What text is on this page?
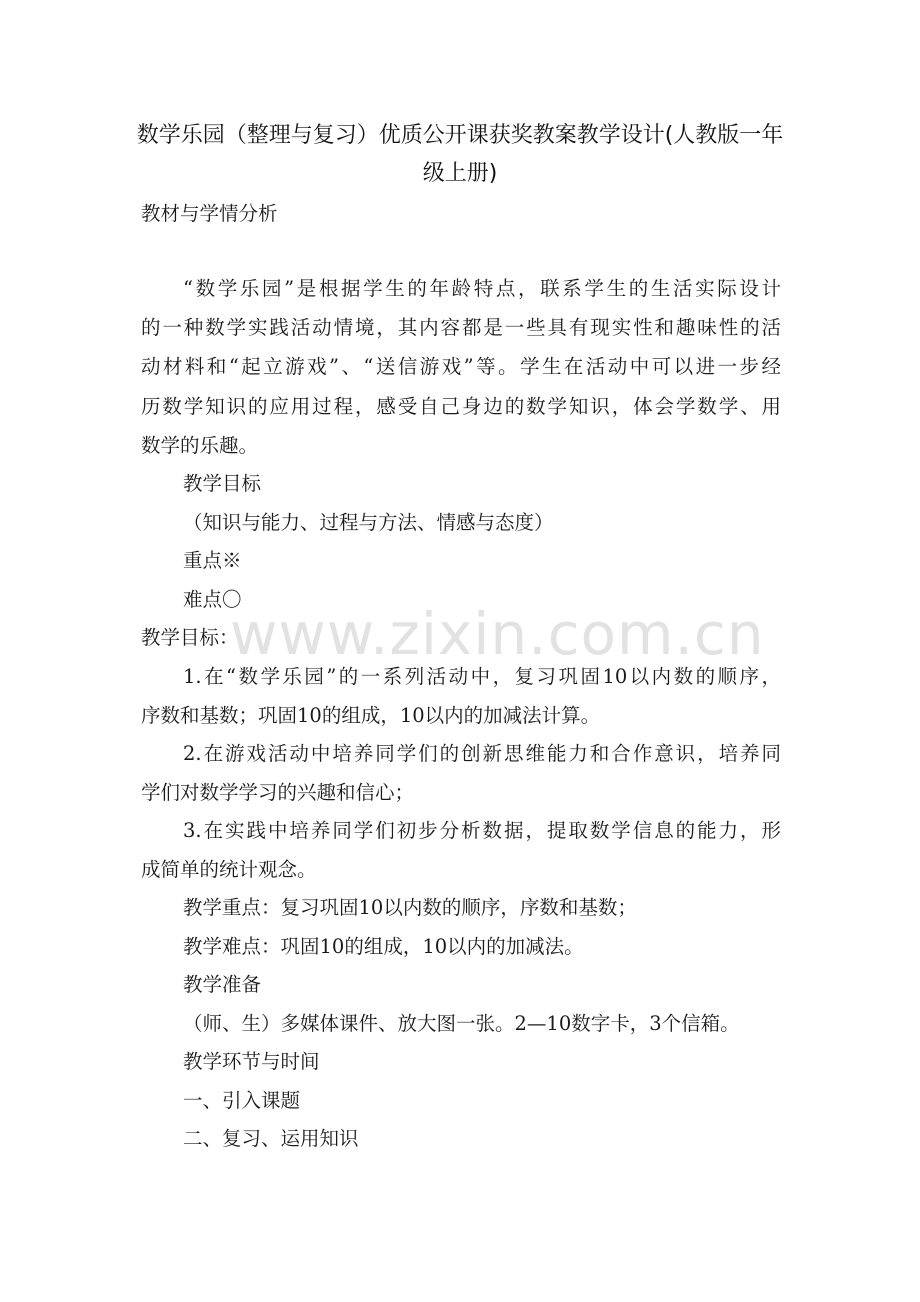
数学乐园（整理与复习）优质公开课获奖教案教学设计(人教版一年级上册)
教材与学情分析
“数学乐园”是根据学生的年龄特点，联系学生的生活实际设计
的一种数学实践活动情境，其内容都是一些具有现实性和趣味性的活
动材料和“起立游戏”、“送信游戏”等。学生在活动中可以进一步经
历数学知识的应用过程，感受自己身边的数学知识，体会学数学、用
数学的乐趣。
教学目标
（知识与能力、过程与方法、情感与态度）
重点※
难点〇
教学目标：
1.在“数学乐园”的一系列活动中，复习巩固10以内数的顺序，
序数和基数；巩固10的组成，10以内的加减法计算。
2.在游戏活动中培养同学们的创新思维能力和合作意识，培养同
学们对数学学习的兴趣和信心；
3.在实践中培养同学们初步分析数据，提取数学信息的能力，形
成简单的统计观念。
教学重点：复习巩固10以内数的顺序，序数和基数；
教学难点：巩固10的组成，10以内的加减法。
教学准备
（师、生）多媒体课件、放大图一张。2—10数字卡，3个信箱。
教学环节与时间
一、引入课题
二、复习、运用知识
www.zixin.com.cn
